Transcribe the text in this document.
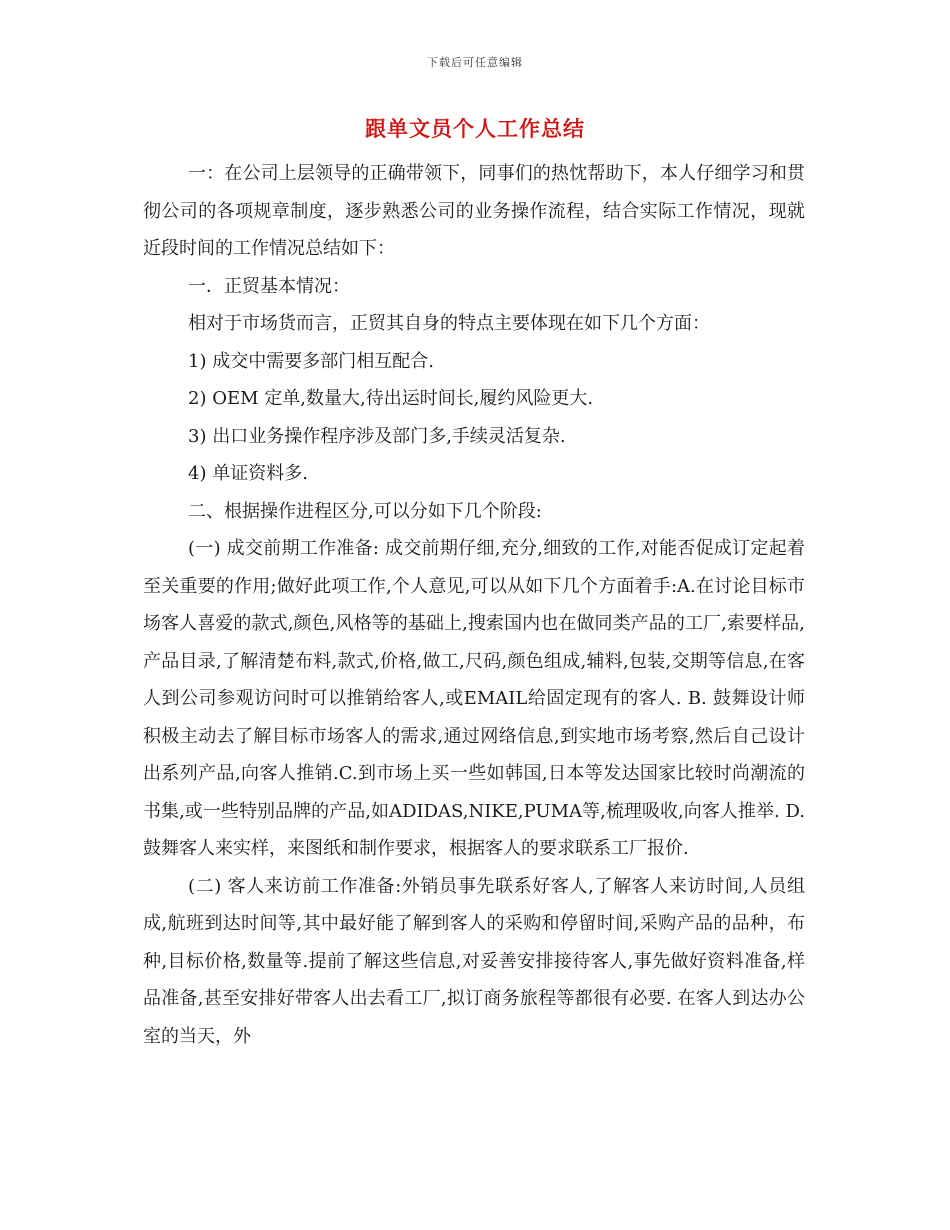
下载后可任意编辑
跟单文员个人工作总结

一：在公司上层领导的正确带领下，同事们的热忱帮助下，本人仔细学习和贯彻公司的各项规章制度，逐步熟悉公司的业务操作流程，结合实际工作情况，现就近段时间的工作情况总结如下：

一．正贸基本情况：

相对于市场货而言，正贸其自身的特点主要体现在如下几个方面：

1) 成交中需要多部门相互配合.

2) OEM 定单,数量大,待出运时间长,履约风险更大.

3) 出口业务操作程序涉及部门多,手续灵活复杂.

4) 单证资料多.

二、根据操作进程区分,可以分如下几个阶段:

(一) 成交前期工作准备: 成交前期仔细,充分,细致的工作,对能否促成订定起着至关重要的作用;做好此项工作,个人意见,可以从如下几个方面着手:A.在讨论目标市场客人喜爱的款式,颜色,风格等的基础上,搜索国内也在做同类产品的工厂,索要样品,产品目录,了解清楚布料,款式,价格,做工,尺码,颜色组成,辅料,包装,交期等信息,在客人到公司参观访问时可以推销给客人,或EMAIL给固定现有的客人. B. 鼓舞设计师积极主动去了解目标市场客人的需求,通过网络信息,到实地市场考察,然后自己设计出系列产品,向客人推销.C.到市场上买一些如韩国,日本等发达国家比较时尚潮流的书集,或一些特别品牌的产品,如ADIDAS,NIKE,PUMA等,梳理吸收,向客人推举. D.鼓舞客人来实样，来图纸和制作要求，根据客人的要求联系工厂报价.

(二) 客人来访前工作准备:外销员事先联系好客人,了解客人来访时间,人员组成,航班到达时间等,其中最好能了解到客人的采购和停留时间,采购产品的品种，布种,目标价格,数量等.提前了解这些信息,对妥善安排接待客人,事先做好资料准备,样品准备,甚至安排好带客人出去看工厂,拟订商务旅程等都很有必要. 在客人到达办公室的当天，外
